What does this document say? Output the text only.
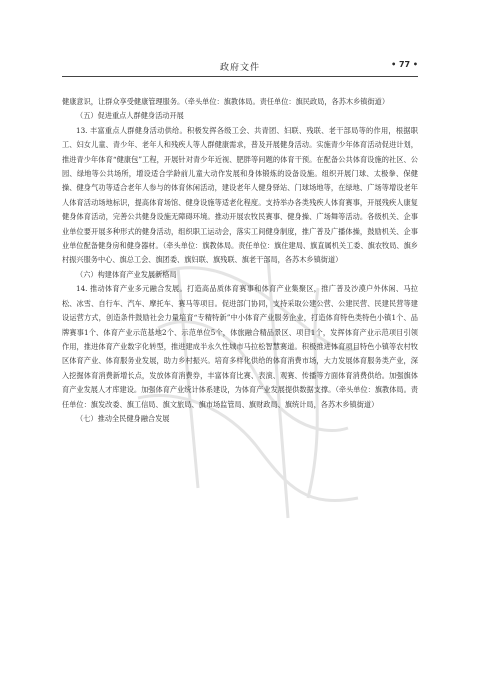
政府文件	• 77 •

健康意识，让群众享受健康管理服务。（牵头单位：旗教体局。责任单位：旗民政局，各苏木乡镇街道）

（五）促进重点人群健身活动开展

13. 丰富重点人群健身活动供给。积极发挥各级工会、共青团、妇联、残联、老干部局等的作用，根据职工、妇女儿童、青少年、老年人和残疾人等人群健康需求，普及开展健身活动。实施青少年体育活动促进计划，推进青少年体育“健康包”工程，开展针对青少年近视、肥胖等问题的体育干预。在配备公共体育设施的社区、公园、绿地等公共场所，增设适合学龄前儿童大动作发展和身体锻炼的设备设施。组织开展门球、太极拳、保健操、健身气功等适合老年人参与的体育休闲活动，建设老年人健身驿站、门球场地等，在绿地、广场等增设老年人体育活动场地标识，提高体育场馆、健身设施等适老化程度。支持举办各类残疾人体育赛事，开展残疾人康复健身体育活动，完善公共健身设施无障碍环境。推动开展农牧民赛事、健身操、广场舞等活动。各级机关、企事业单位要开展多种形式的健身活动，组织职工运动会，落实工间健身制度，推广普及广播体操，鼓励机关、企事业单位配备健身房和健身器材。（牵头单位：旗教体局。责任单位：旗住建局、旗直属机关工委、旗农牧局、旗乡村振兴服务中心、旗总工会、旗团委、旗妇联、旗残联、旗老干部局，各苏木乡镇街道）

（六）构建体育产业发展新格局

14. 推动体育产业多元融合发展。打造高品质体育赛事和体育产业集聚区，推广普及沙漠户外休闲、马拉松、冰雪、自行车、汽车、摩托车、赛马等项目。促进部门协同，支持采取公建公营、公建民营、民建民营等建设运营方式，创造条件鼓励社会力量培育“专精特新”中小体育产业服务企业，打造体育特色类特色小镇1个、品牌赛事1个、体育产业示范基地2个、示范单位5个，体旅融合精品景区、项目1个，发挥体育产业示范项目引领作用，推进体育产业数字化转型，推进建成半永久性城市马拉松智慧赛道。积极推进体育项目特色小镇等农村牧区体育产业、体育服务业发展，助力乡村振兴。培育多样化供给的体育消费市场，大力发展体育服务类产业，深入挖掘体育消费新增长点，发放体育消费券，丰富体育比赛、表演、观赛、传播等方面体育消费供给。加强旗体育产业发展人才库建设。加强体育产业统计体系建设，为体育产业发展提供数据支撑。（牵头单位：旗教体局。责任单位：旗发改委、旗工信局、旗文旅局、旗市场监管局、旗财政局、旗统计局，各苏木乡镇街道）

（七）推动全民健身融合发展
